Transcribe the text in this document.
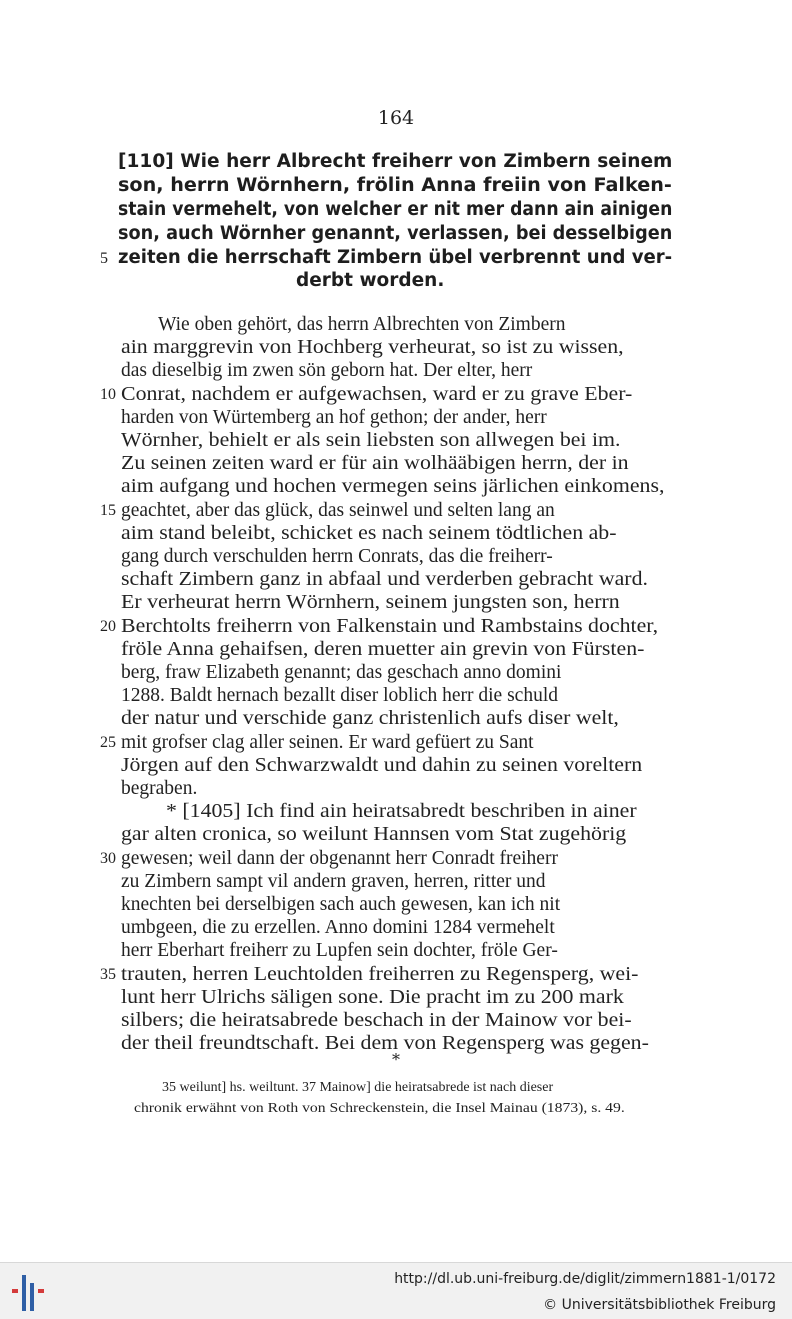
164
[110] Wie herr Albrecht freiherr von Zimbern seinem
son, herrn Wörnhern, frölin Anna freiin von Falken-
stain vermehelt, von welcher er nit mer dann ain ainigen
son, auch Wörnher genannt, verlassen, bei desselbigen
zeiten die herrschaft Zimbern übel verbrennt und ver-
derbt worden.
Wie oben gehört, das herrn Albrechten von Zimbern
ain marggrevin von Hochberg verheurat, so ist zu wissen,
das dieselbig im zwen sön geborn hat. Der elter, herr
Conrat, nachdem er aufgewachsen, ward er zu grave Eber-
harden von Würtemberg an hof gethon; der ander, herr
Wörnher, behielt er als sein liebsten son allwegen bei im.
Zu seinen zeiten ward er für ain wolhääbigen herrn, der in
aim aufgang und hochen vermegen seins järlichen einkomens,
geachtet, aber das glück, das seinwel und selten lang an
aim stand beleibt, schicket es nach seinem tödtlichen ab-
gang durch verschulden herrn Conrats, das die freiherr-
schaft Zimbern ganz in abfaal und verderben gebracht ward.
Er verheurat herrn Wörnhern, seinem jungsten son, herrn
Berchtolts freiherrn von Falkenstain und Rambstains dochter,
fröle Anna gehaifsen, deren muetter ain grevin von Fürsten-
berg, fraw Elizabeth genannt; das geschach anno domini
1288. Baldt hernach bezallt diser loblich herr die schuld
der natur und verschide ganz christenlich aufs diser welt,
mit grofser clag aller seinen. Er ward gefüert zu Sant
Jörgen auf den Schwarzwaldt und dahin zu seinen voreltern
begraben.
* [1405] Ich find ain heiratsabredt beschriben in ainer
gar alten cronica, so weilunt Hannsen vom Stat zugehörig
gewesen; weil dann der obgenannt herr Conradt freiherr
zu Zimbern sampt vil andern graven, herren, ritter und
knechten bei derselbigen sach auch gewesen, kan ich nit
umbgeen, die zu erzellen. Anno domini 1284 vermehelt
herr Eberhart freiherr zu Lupfen sein dochter, fröle Ger-
trauten, herren Leuchtolden freiherren zu Regensperg, wei-
lunt herr Ulrichs säligen sone. Die pracht im zu 200 mark
silbers; die heiratsabrede beschach in der Mainow vor bei-
der theil freundtschaft. Bei dem von Regensperg was gegen-
5
10
15
20
25
30
35
*
35 weilunt] hs. weiltunt. 37 Mainow] die heiratsabrede ist nach dieser
chronik erwähnt von Roth von Schreckenstein, die Insel Mainau (1873), s. 49.
http://dl.ub.uni-freiburg.de/diglit/zimmern1881-1/0172
© Universitätsbibliothek Freiburg
